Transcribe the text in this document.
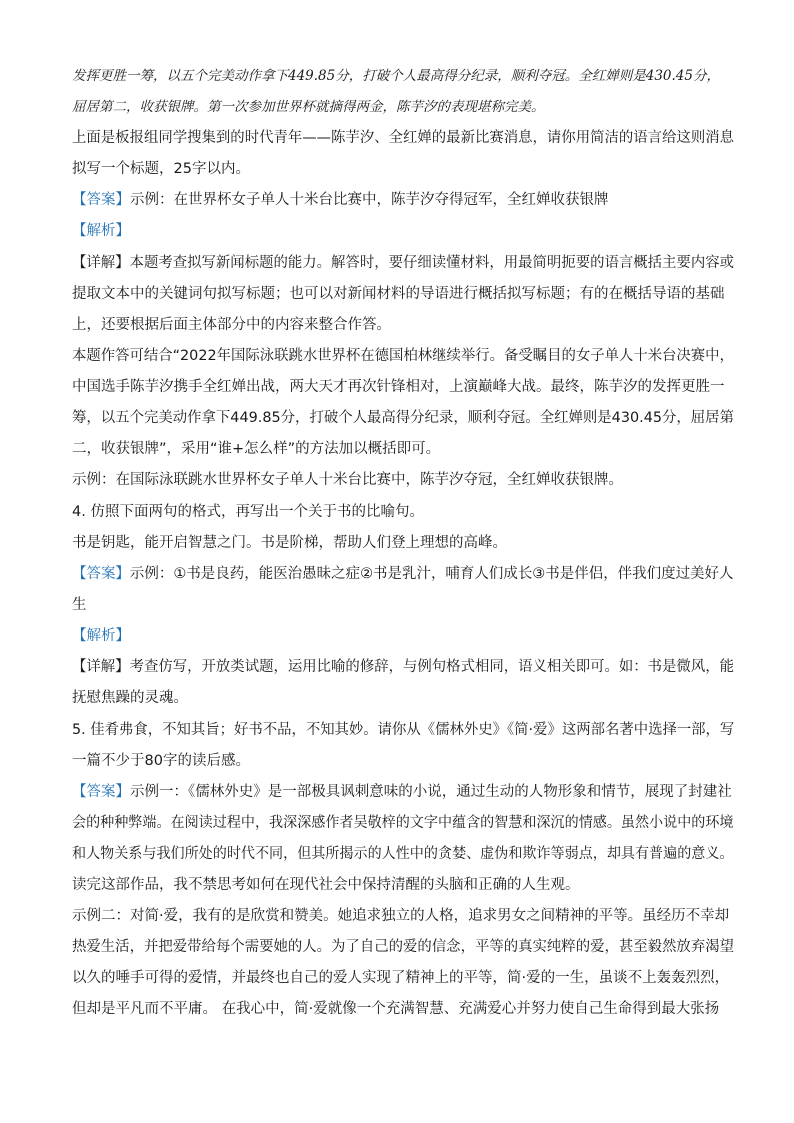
发挥更胜一筹，以五个完美动作拿下449.85分，打破个人最高得分纪录，顺利夺冠。全红婵则是430.45分，
屈居第二，收获银牌。第一次参加世界杯就摘得两金，陈芋汐的表现堪称完美。
上面是板报组同学搜集到的时代青年——陈芋汐、全红婵的最新比赛消息，请你用简洁的语言给这则消息
拟写一个标题，25字以内。
【答案】示例：在世界杯女子单人十米台比赛中，陈芋汐夺得冠军，全红婵收获银牌
【解析】
【详解】本题考查拟写新闻标题的能力。解答时，要仔细读懂材料，用最简明扼要的语言概括主要内容或
提取文本中的关键词句拟写标题；也可以对新闻材料的导语进行概括拟写标题；有的在概括导语的基础
上，还要根据后面主体部分中的内容来整合作答。
本题作答可结合“2022年国际泳联跳水世界杯在德国柏林继续举行。备受瞩目的女子单人十米台决赛中，
中国选手陈芋汐携手全红婵出战，两大天才再次针锋相对，上演巅峰大战。最终，陈芋汐的发挥更胜一
筹，以五个完美动作拿下449.85分，打破个人最高得分纪录，顺利夺冠。全红婵则是430.45分，屈居第
二，收获银牌”，采用“谁+怎么样”的方法加以概括即可。
示例：在国际泳联跳水世界杯女子单人十米台比赛中，陈芋汐夺冠，全红婵收获银牌。
4. 仿照下面两句的格式，再写出一个关于书的比喻句。
书是钥匙，能开启智慧之门。书是阶梯，帮助人们登上理想的高峰。
【答案】示例：①书是良药，能医治愚昧之症②书是乳汁，哺育人们成长③书是伴侣，伴我们度过美好人
生
【解析】
【详解】考查仿写，开放类试题，运用比喻的修辞，与例句格式相同，语义相关即可。如：书是微风，能
抚慰焦躁的灵魂。
5. 佳肴弗食，不知其旨；好书不品，不知其妙。请你从《儒林外史》《简·爱》这两部名著中选择一部，写
一篇不少于80字的读后感。
【答案】示例一：《儒林外史》是一部极具讽刺意味的小说，通过生动的人物形象和情节，展现了封建社
会的种种弊端。在阅读过程中，我深深感作者吴敬梓的文字中蕴含的智慧和深沉的情感。虽然小说中的环境
和人物关系与我们所处的时代不同，但其所揭示的人性中的贪婪、虚伪和欺诈等弱点，却具有普遍的意义。
读完这部作品，我不禁思考如何在现代社会中保持清醒的头脑和正确的人生观。
示例二：对简·爱，我有的是欣赏和赞美。她追求独立的人格，追求男女之间精神的平等。虽经历不幸却
热爱生活，并把爱带给每个需要她的人。为了自己的爱的信念，平等的真实纯粹的爱，甚至毅然放弃渴望
以久的唾手可得的爱情，并最终也自己的爱人实现了精神上的平等，简·爱的一生，虽谈不上轰轰烈烈，
但却是平凡而不平庸。 在我心中，简·爱就像一个充满智慧、充满爱心并努力使自己生命得到最大张扬
